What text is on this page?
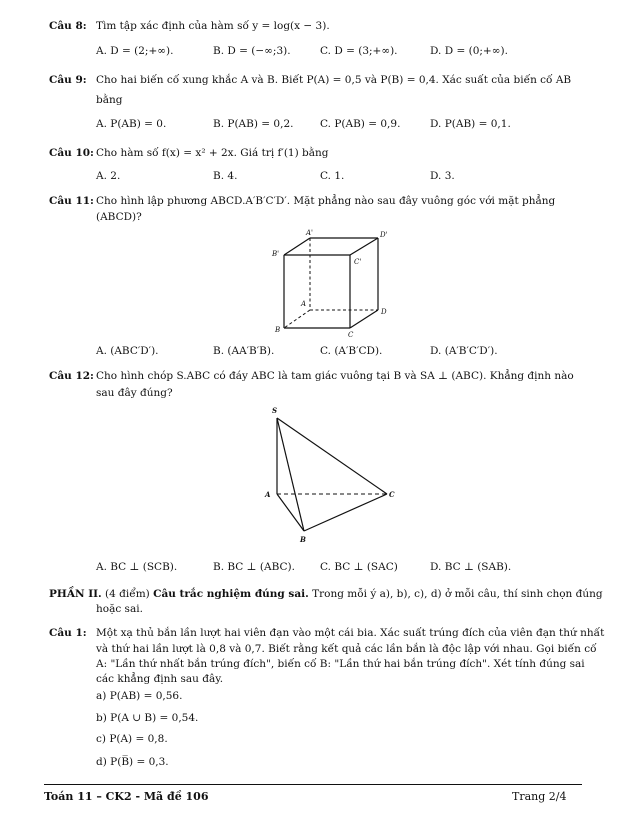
Câu 8: Tìm tập xác định của hàm số y = log(x − 3).
A. D = (2;+∞).	B. D = (−∞;3).	C. D = (3;+∞).	D. D = (0;+∞).
Câu 9: Cho hai biến cố xung khắc A và B. Biết P(A) = 0,5 và P(B) = 0,4. Xác suất của biến cố AB
bằng
A. P(AB) = 0.	B. P(AB) = 0,2.	C. P(AB) = 0,9.	D. P(AB) = 0,1.
Câu 10: Cho hàm số f(x) = x² + 2x. Giá trị f′(1) bằng
A. 2.	B. 4.	C. 1.	D. 3.
Câu 11: Cho hình lập phương ABCD.A′B′C′D′. Mặt phẳng nào sau đây vuông góc với mặt phẳng
(ABCD)?
A'	D'
B'
C'
A
D
B
C
A. (ABC′D′).	B. (AA′B′B).	C. (A′B′CD).	D. (A′B′C′D′).
Câu 12: Cho hình chóp S.ABC có đáy ABC là tam giác vuông tại B và SA ⊥ (ABC). Khẳng định nào
sau đây đúng?
S
A	C
B
A. BC ⊥ (SCB).	B. BC ⊥ (ABC). C. BC ⊥ (SAC)	D. BC ⊥ (SAB).
PHẦN II. (4 điểm) Câu trắc nghiệm đúng sai. Trong mỗi ý a), b), c), d) ở mỗi câu, thí sinh chọn đúng
hoặc sai.
Câu 1: Một xạ thủ bắn lần lượt hai viên đạn vào một cái bia. Xác suất trúng đích của viên đạn thứ nhất
và thứ hai lần lượt là 0,8 và 0,7. Biết rằng kết quả các lần bắn là độc lập với nhau. Gọi biến cố
A: "Lần thứ nhất bắn trúng đích", biến cố B: "Lần thứ hai bắn trúng đích". Xét tính đúng sai
các khẳng định sau đây.
a) P(AB) = 0,56.
b) P(A ∪ B) = 0,54.
c) P(A) = 0,8.
d) P(B̅) = 0,3.
Toán 11 – CK2 - Mã đề 106	Trang 2/4
